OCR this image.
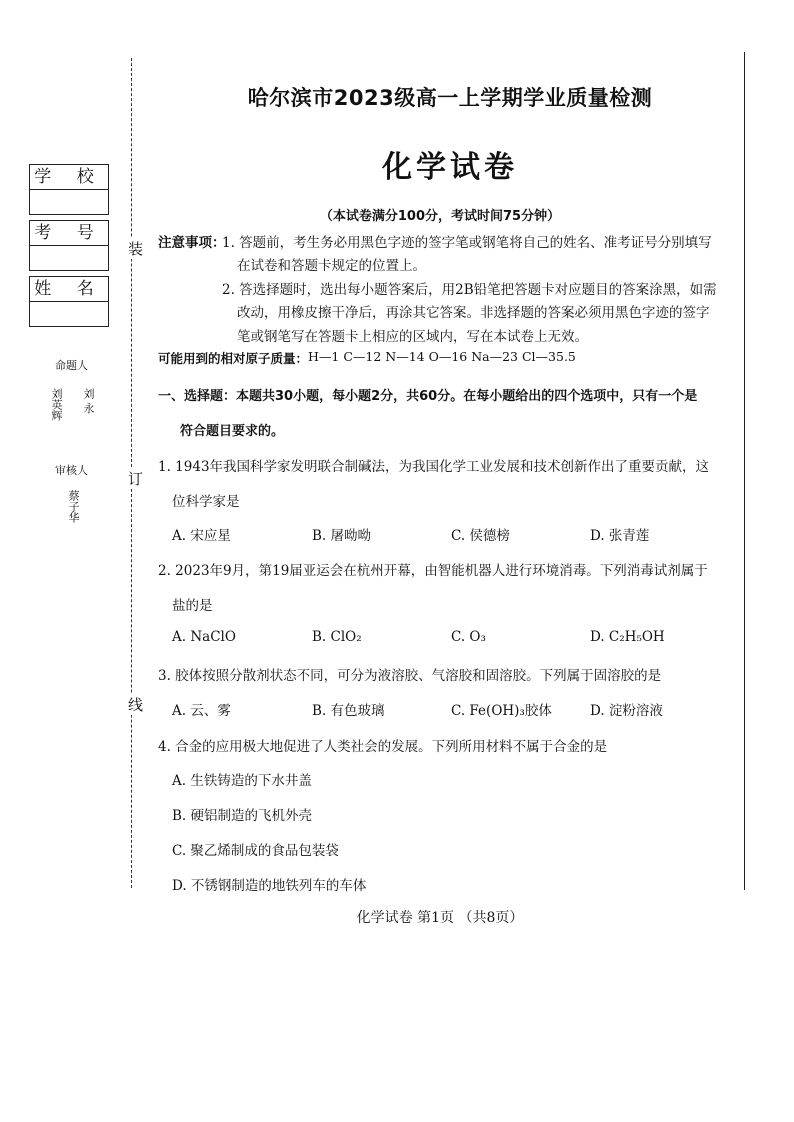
装
订
线
学 校
考 号
姓 名
命题人
刘 永
刘英辉
审核人
蔡子华
哈尔滨市2023级高一上学期学业质量检测
化学试卷
（本试卷满分100分，考试时间75分钟）
注意事项：
1. 答题前，考生务必用黑色字迹的签字笔或钢笔将自己的姓名、准考证号分别填写
在试卷和答题卡规定的位置上。
2. 答选择题时，选出每小题答案后，用2B铅笔把答题卡对应题目的答案涂黑，如需
改动，用橡皮擦干净后，再涂其它答案。非选择题的答案必须用黑色字迹的签字
笔或钢笔写在答题卡上相应的区域内，写在本试卷上无效。
可能用到的相对原子质量： H—1 C—12 N—14 O—16 Na—23 Cl—35.5
一、选择题：本题共30小题，每小题2分，共60分。在每小题给出的四个选项中，只有一个是
符合题目要求的。
1. 1943年我国科学家发明联合制碱法，为我国化学工业发展和技术创新作出了重要贡献，这
位科学家是
A. 宋应星	B. 屠呦呦	C. 侯德榜	D. 张青莲
2. 2023年9月，第19届亚运会在杭州开幕，由智能机器人进行环境消毒。下列消毒试剂属于
盐的是
A. NaClO	B. ClO₂	C. O₃	D. C₂H₅OH
3. 胶体按照分散剂状态不同，可分为液溶胶、气溶胶和固溶胶。下列属于固溶胶的是
A. 云、雾	B. 有色玻璃	C. Fe(OH)₃胶体	D. 淀粉溶液
4. 合金的应用极大地促进了人类社会的发展。下列所用材料不属于合金的是
A. 生铁铸造的下水井盖
B. 硬铝制造的飞机外壳
C. 聚乙烯制成的食品包装袋
D. 不锈钢制造的地铁列车的车体
化学试卷 第1页 （共8页）
